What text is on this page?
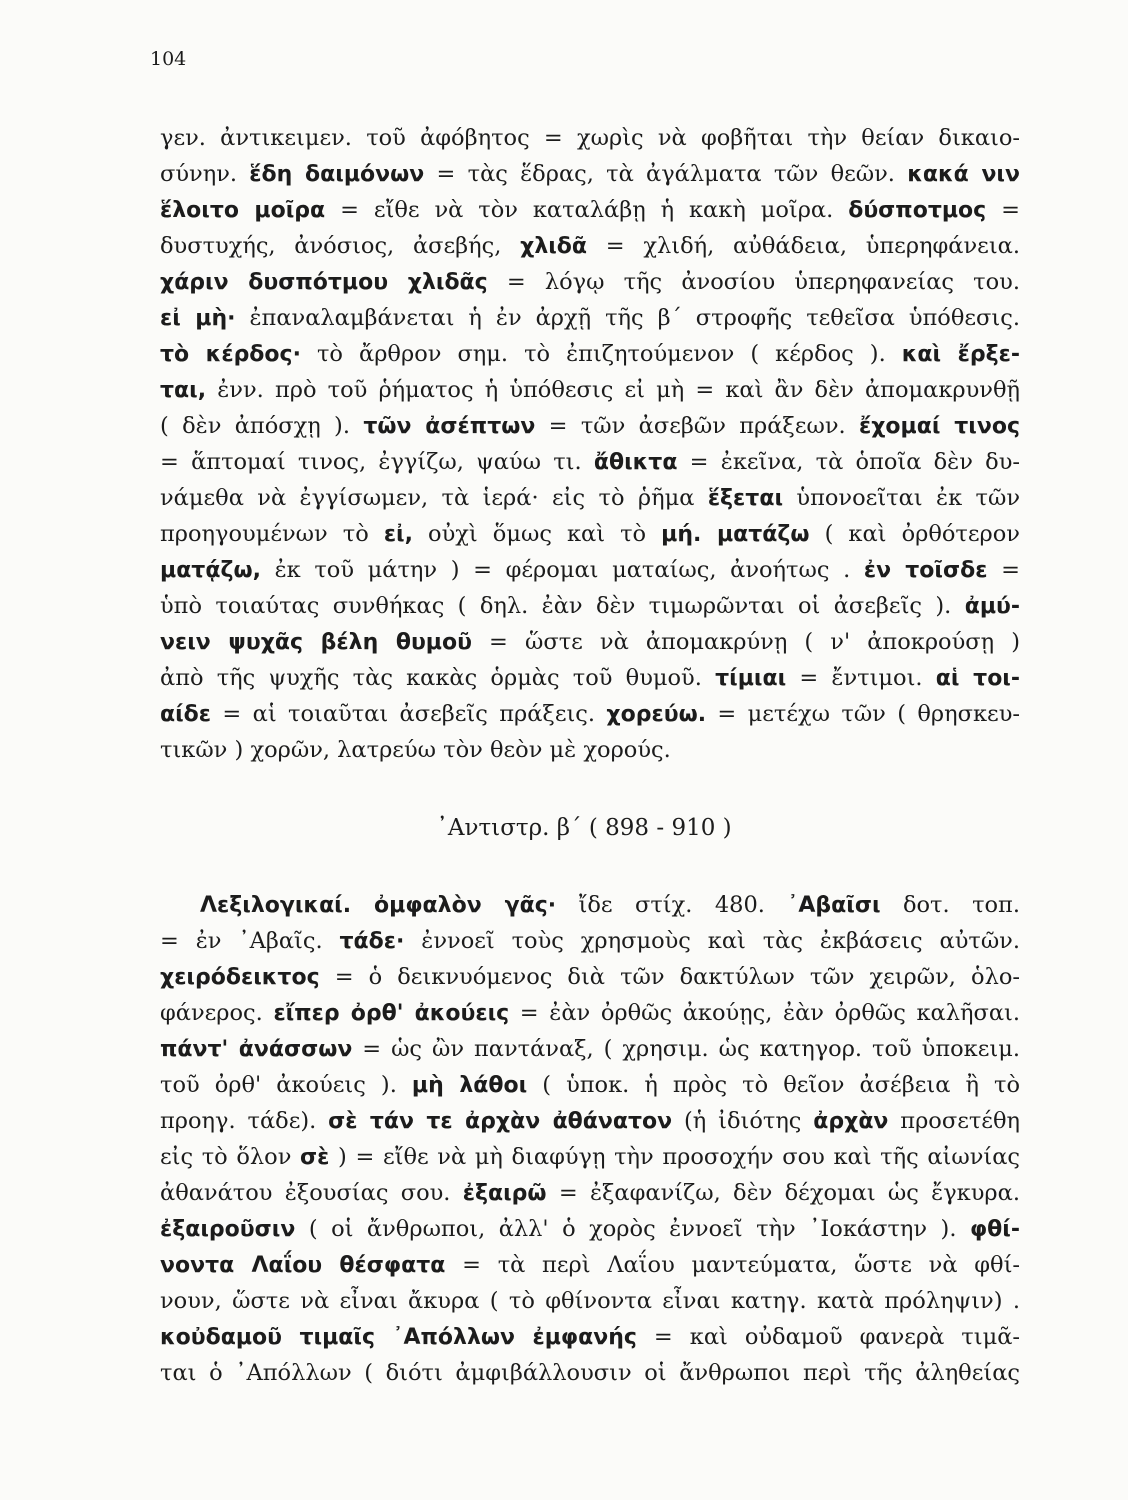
104
γεν. ἀντικειμεν. τοῦ ἀφόβητος = χωρὶς νὰ φοβῆται τὴν θείαν δικαιο-
σύνην. ἕδη δαιμόνων = τὰς ἕδρας, τὰ ἀγάλματα τῶν θεῶν. κακά νιν
ἕλοιτο μοῖρα = εἴθε νὰ τὸν καταλάβῃ ἡ κακὴ μοῖρα. δύσποτμος =
δυστυχής, ἀνόσιος, ἀσεβής, χλιδᾶ = χλιδή, αὐθάδεια, ὑπερηφάνεια.
χάριν δυσπότμου χλιδᾶς = λόγῳ τῆς ἀνοσίου ὑπερηφανείας του.
εἰ μὴ· ἐπαναλαμβάνεται ἡ ἐν ἀρχῇ τῆς β΄ στροφῆς τεθεῖσα ὑπόθεσις.
τὸ κέρδος· τὸ ἄρθρον σημ. τὸ ἐπιζητούμενον ( κέρδος ). καὶ ἔρξε-
ται, ἐνν. πρὸ τοῦ ῥήματος ἡ ὑπόθεσις εἰ μὴ = καὶ ἂν δὲν ἀπομακρυνθῇ
( δὲν ἀπόσχῃ ). τῶν ἀσέπτων = τῶν ἀσεβῶν πράξεων. ἔχομαί τινος
= ἅπτομαί τινος, ἐγγίζω, ψαύω τι. ἄθικτα = ἐκεῖνα, τὰ ὁποῖα δὲν δυ-
νάμεθα νὰ ἐγγίσωμεν, τὰ ἱερά· εἰς τὸ ῥῆμα ἕξεται ὑπονοεῖται ἐκ τῶν
προηγουμένων τὸ εἰ, οὐχὶ ὅμως καὶ τὸ μή. ματάζω ( καὶ ὀρθότερον
ματᾴζω, ἐκ τοῦ μάτην ) = φέρομαι ματαίως, ἀνοήτως . ἐν τοῖσδε =
ὑπὸ τοιαύτας συνθήκας ( δηλ. ἐὰν δὲν τιμωρῶνται οἱ ἀσεβεῖς ). ἀμύ-
νειν ψυχᾶς βέλη θυμοῦ = ὥστε νὰ ἀπομακρύνῃ ( ν' ἀποκρούσῃ )
ἀπὸ τῆς ψυχῆς τὰς κακὰς ὁρμὰς τοῦ θυμοῦ. τίμιαι = ἔντιμοι. αἱ τοι-
αίδε = αἱ τοιαῦται ἀσεβεῖς πράξεις. χορεύω. = μετέχω τῶν ( θρησκευ-
τικῶν ) χορῶν, λατρεύω τὸν θεὸν μὲ χορούς.
᾿Αντιστρ. β΄ ( 898 - 910 )
Λεξιλογικαί. ὀμφαλὸν γᾶς· ἴδε στίχ. 480. ᾿Αβαῖσι δοτ. τοπ.
= ἐν ᾿Αβαῖς. τάδε· ἐννοεῖ τοὺς χρησμοὺς καὶ τὰς ἐκβάσεις αὐτῶν.
χειρόδεικτος = ὁ δεικνυόμενος διὰ τῶν δακτύλων τῶν χειρῶν, ὁλο-
φάνερος. εἴπερ ὀρθ' ἀκούεις = ἐὰν ὀρθῶς ἀκούῃς, ἐὰν ὀρθῶς καλῆσαι.
πάντ' ἀνάσσων = ὡς ὢν παντάναξ, ( χρησιμ. ὡς κατηγορ. τοῦ ὑποκειμ.
τοῦ ὀρθ' ἀκούεις ). μὴ λάθοι ( ὑποκ. ἡ πρὸς τὸ θεῖον ἀσέβεια ἢ τὸ
προηγ. τάδε). σὲ τάν τε ἀρχὰν ἀθάνατον (ἡ ἰδιότης ἀρχὰν προσετέθη
εἰς τὸ ὅλον σὲ ) = εἴθε νὰ μὴ διαφύγῃ τὴν προσοχήν σου καὶ τῆς αἰωνίας
ἀθανάτου ἐξουσίας σου. ἐξαιρῶ = ἐξαφανίζω, δὲν δέχομαι ὡς ἔγκυρα.
ἐξαιροῦσιν ( οἱ ἄνθρωποι, ἀλλ' ὁ χορὸς ἐννοεῖ τὴν ᾿Ιοκάστην ). φθί-
νοντα Λαΐου θέσφατα = τὰ περὶ Λαΐου μαντεύματα, ὥστε νὰ φθί-
νουν, ὥστε νὰ εἶναι ἄκυρα ( τὸ φθίνοντα εἶναι κατηγ. κατὰ πρόληψιν) .
κοὐδαμοῦ τιμαῖς ᾿Απόλλων ἐμφανής = καὶ οὐδαμοῦ φανερὰ τιμᾶ-
ται ὁ ᾿Απόλλων ( διότι ἀμφιβάλλουσιν οἱ ἄνθρωποι περὶ τῆς ἀληθείας
